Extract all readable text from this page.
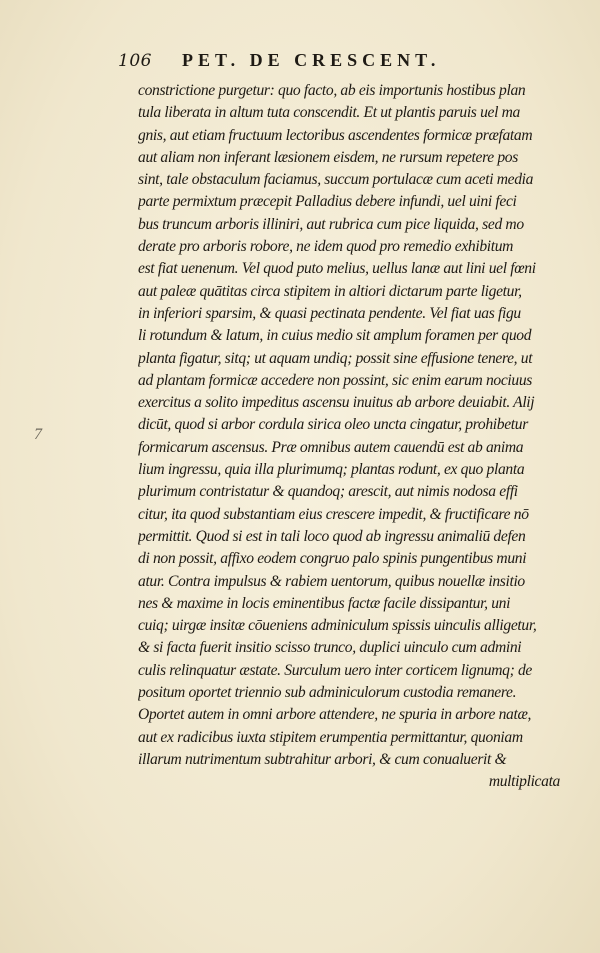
106 PET. DE CRESCENT.
7
constrictione purgetur: quo facto, ab eis importunis hostibus plan
tula liberata in altum tuta conscendit. Et ut plantis paruis uel ma
gnis, aut etiam fructuum lectoribus ascendentes formicæ præfatam
aut aliam non inferant læsionem eisdem, ne rursum repetere pos
sint, tale obstaculum faciamus, succum portulacæ cum aceti media
parte permixtum præcepit Palladius debere infundi, uel uini feci
bus truncum arboris illiniri, aut rubrica cum pice liquida, sed mo
derate pro arboris robore, ne idem quod pro remedio exhibitum
est fiat uenenum. Vel quod puto melius, uellus lanæ aut lini uel fœni
aut paleæ quātitas circa stipitem in altiori dictarum parte ligetur,
in inferiori sparsim, & quasi pectinata pendente. Vel fiat uas figu
li rotundum & latum, in cuius medio sit amplum foramen per quod
planta figatur, sitq; ut aquam undiq; possit sine effusione tenere, ut
ad plantam formicæ accedere non possint, sic enim earum nociuus
exercitus a solito impeditus ascensu inuitus ab arbore deuiabit. Alij
dicūt, quod si arbor cordula sirica oleo uncta cingatur, prohibetur
formicarum ascensus. Præ omnibus autem cauendū est ab anima
lium ingressu, quia illa plurimumq; plantas rodunt, ex quo planta
plurimum contristatur & quandoq; arescit, aut nimis nodosa effi
citur, ita quod substantiam eius crescere impedit, & fructificare nō
permittit. Quod si est in tali loco quod ab ingressu animaliū defen
di non possit, affixo eodem congruo palo spinis pungentibus muni
atur. Contra impulsus & rabiem uentorum, quibus nouellæ insitio
nes & maxime in locis eminentibus factæ facile dissipantur, uni
cuiq; uirgæ insitæ cōueniens adminiculum spissis uinculis alligetur,
& si facta fuerit insitio scisso trunco, duplici uinculo cum admini
culis relinquatur æstate. Surculum uero inter corticem lignumq; de
positum oportet triennio sub adminiculorum custodia remanere.
Oportet autem in omni arbore attendere, ne spuria in arbore natæ,
aut ex radicibus iuxta stipitem erumpentia permittantur, quoniam
illarum nutrimentum subtrahitur arbori, & cum conualuerit &
multiplicata
